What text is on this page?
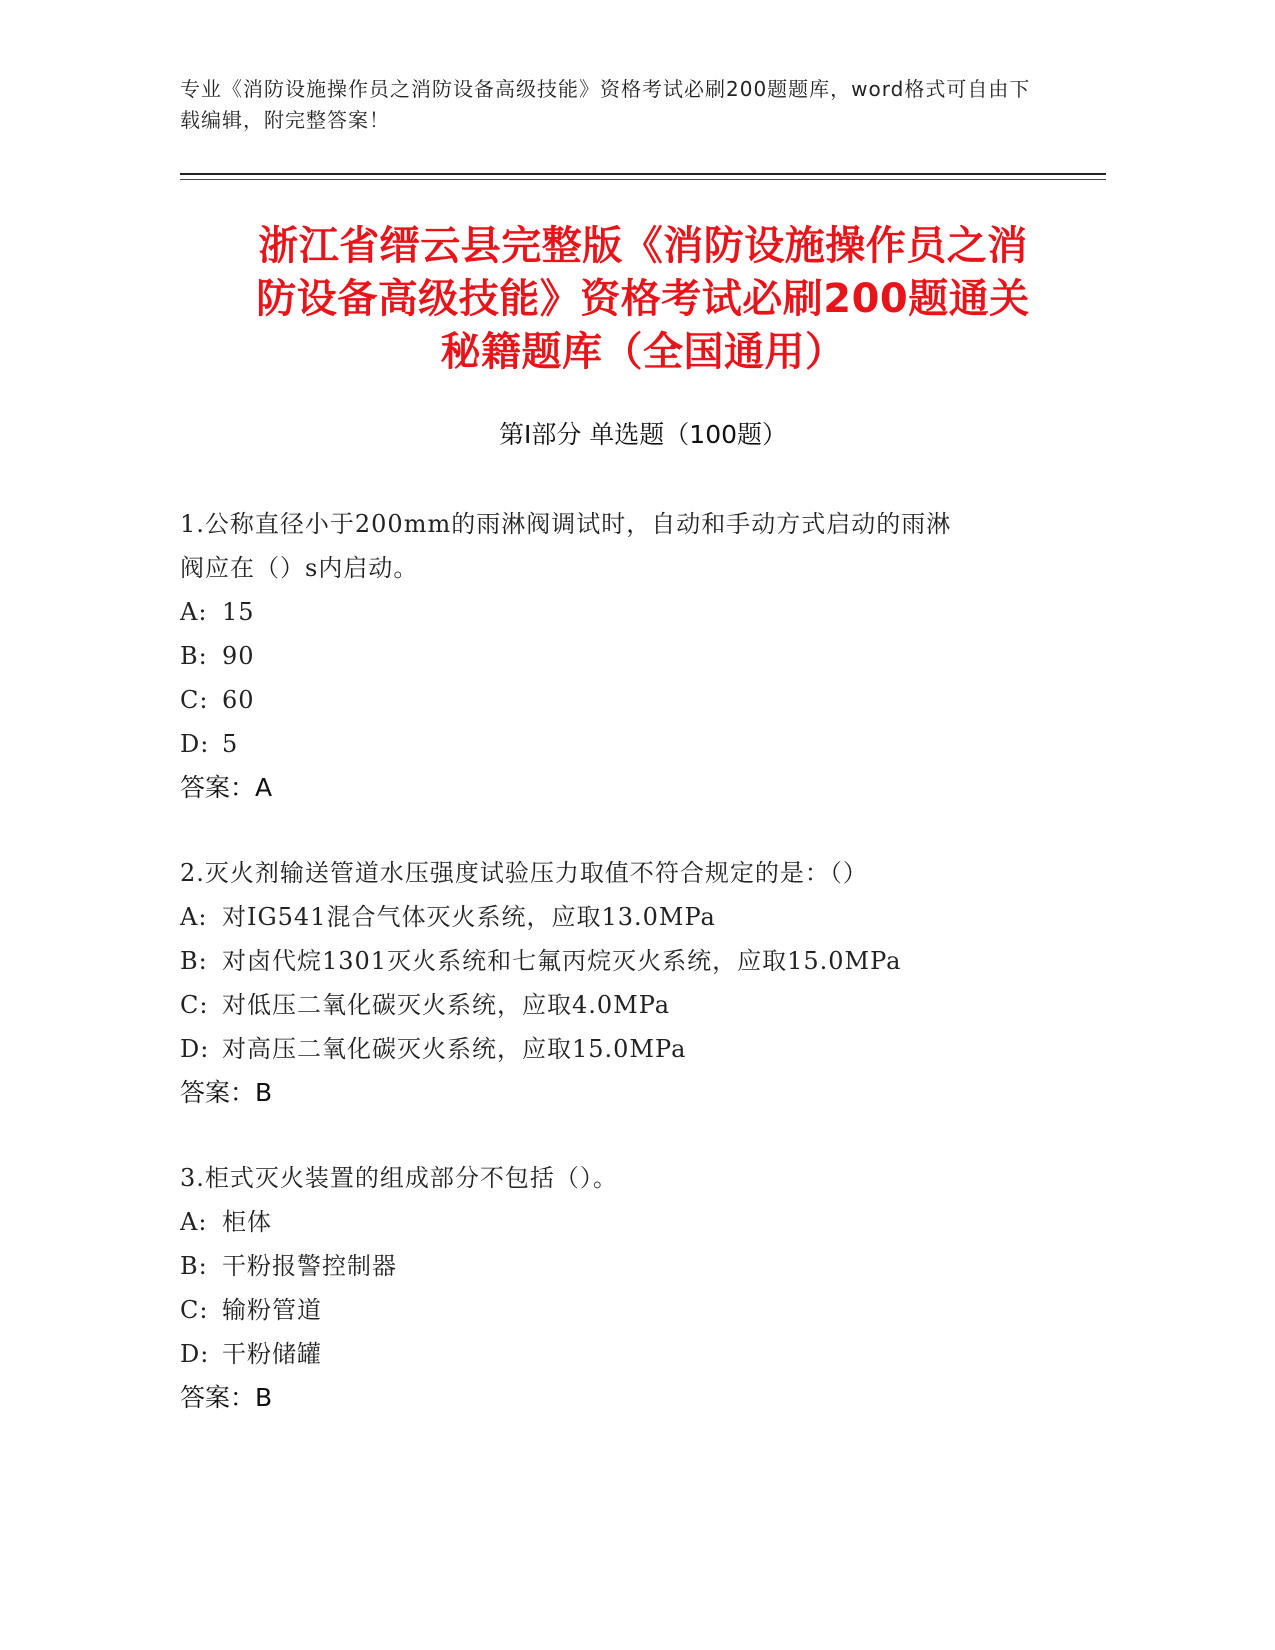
专业《消防设施操作员之消防设备高级技能》资格考试必刷200题题库，word格式可自由下载编辑，附完整答案！
浙江省缙云县完整版《消防设施操作员之消
防设备高级技能》资格考试必刷200题通关
秘籍题库（全国通用）
第Ⅰ部分 单选题（100题）
1.公称直径小于200mm的雨淋阀调试时，自动和手动方式启动的雨淋
阀应在（）s内启动。
A: 15
B: 90
C: 60
D: 5
答案：A
2.灭火剂输送管道水压强度试验压力取值不符合规定的是：（）
A: 对IG541混合气体灭火系统，应取13.0MPa
B: 对卤代烷1301灭火系统和七氟丙烷灭火系统，应取15.0MPa
C: 对低压二氧化碳灭火系统，应取4.0MPa
D: 对高压二氧化碳灭火系统，应取15.0MPa
答案：B
3.柜式灭火装置的组成部分不包括（）。
A: 柜体
B: 干粉报警控制器
C: 输粉管道
D: 干粉储罐
答案：B
